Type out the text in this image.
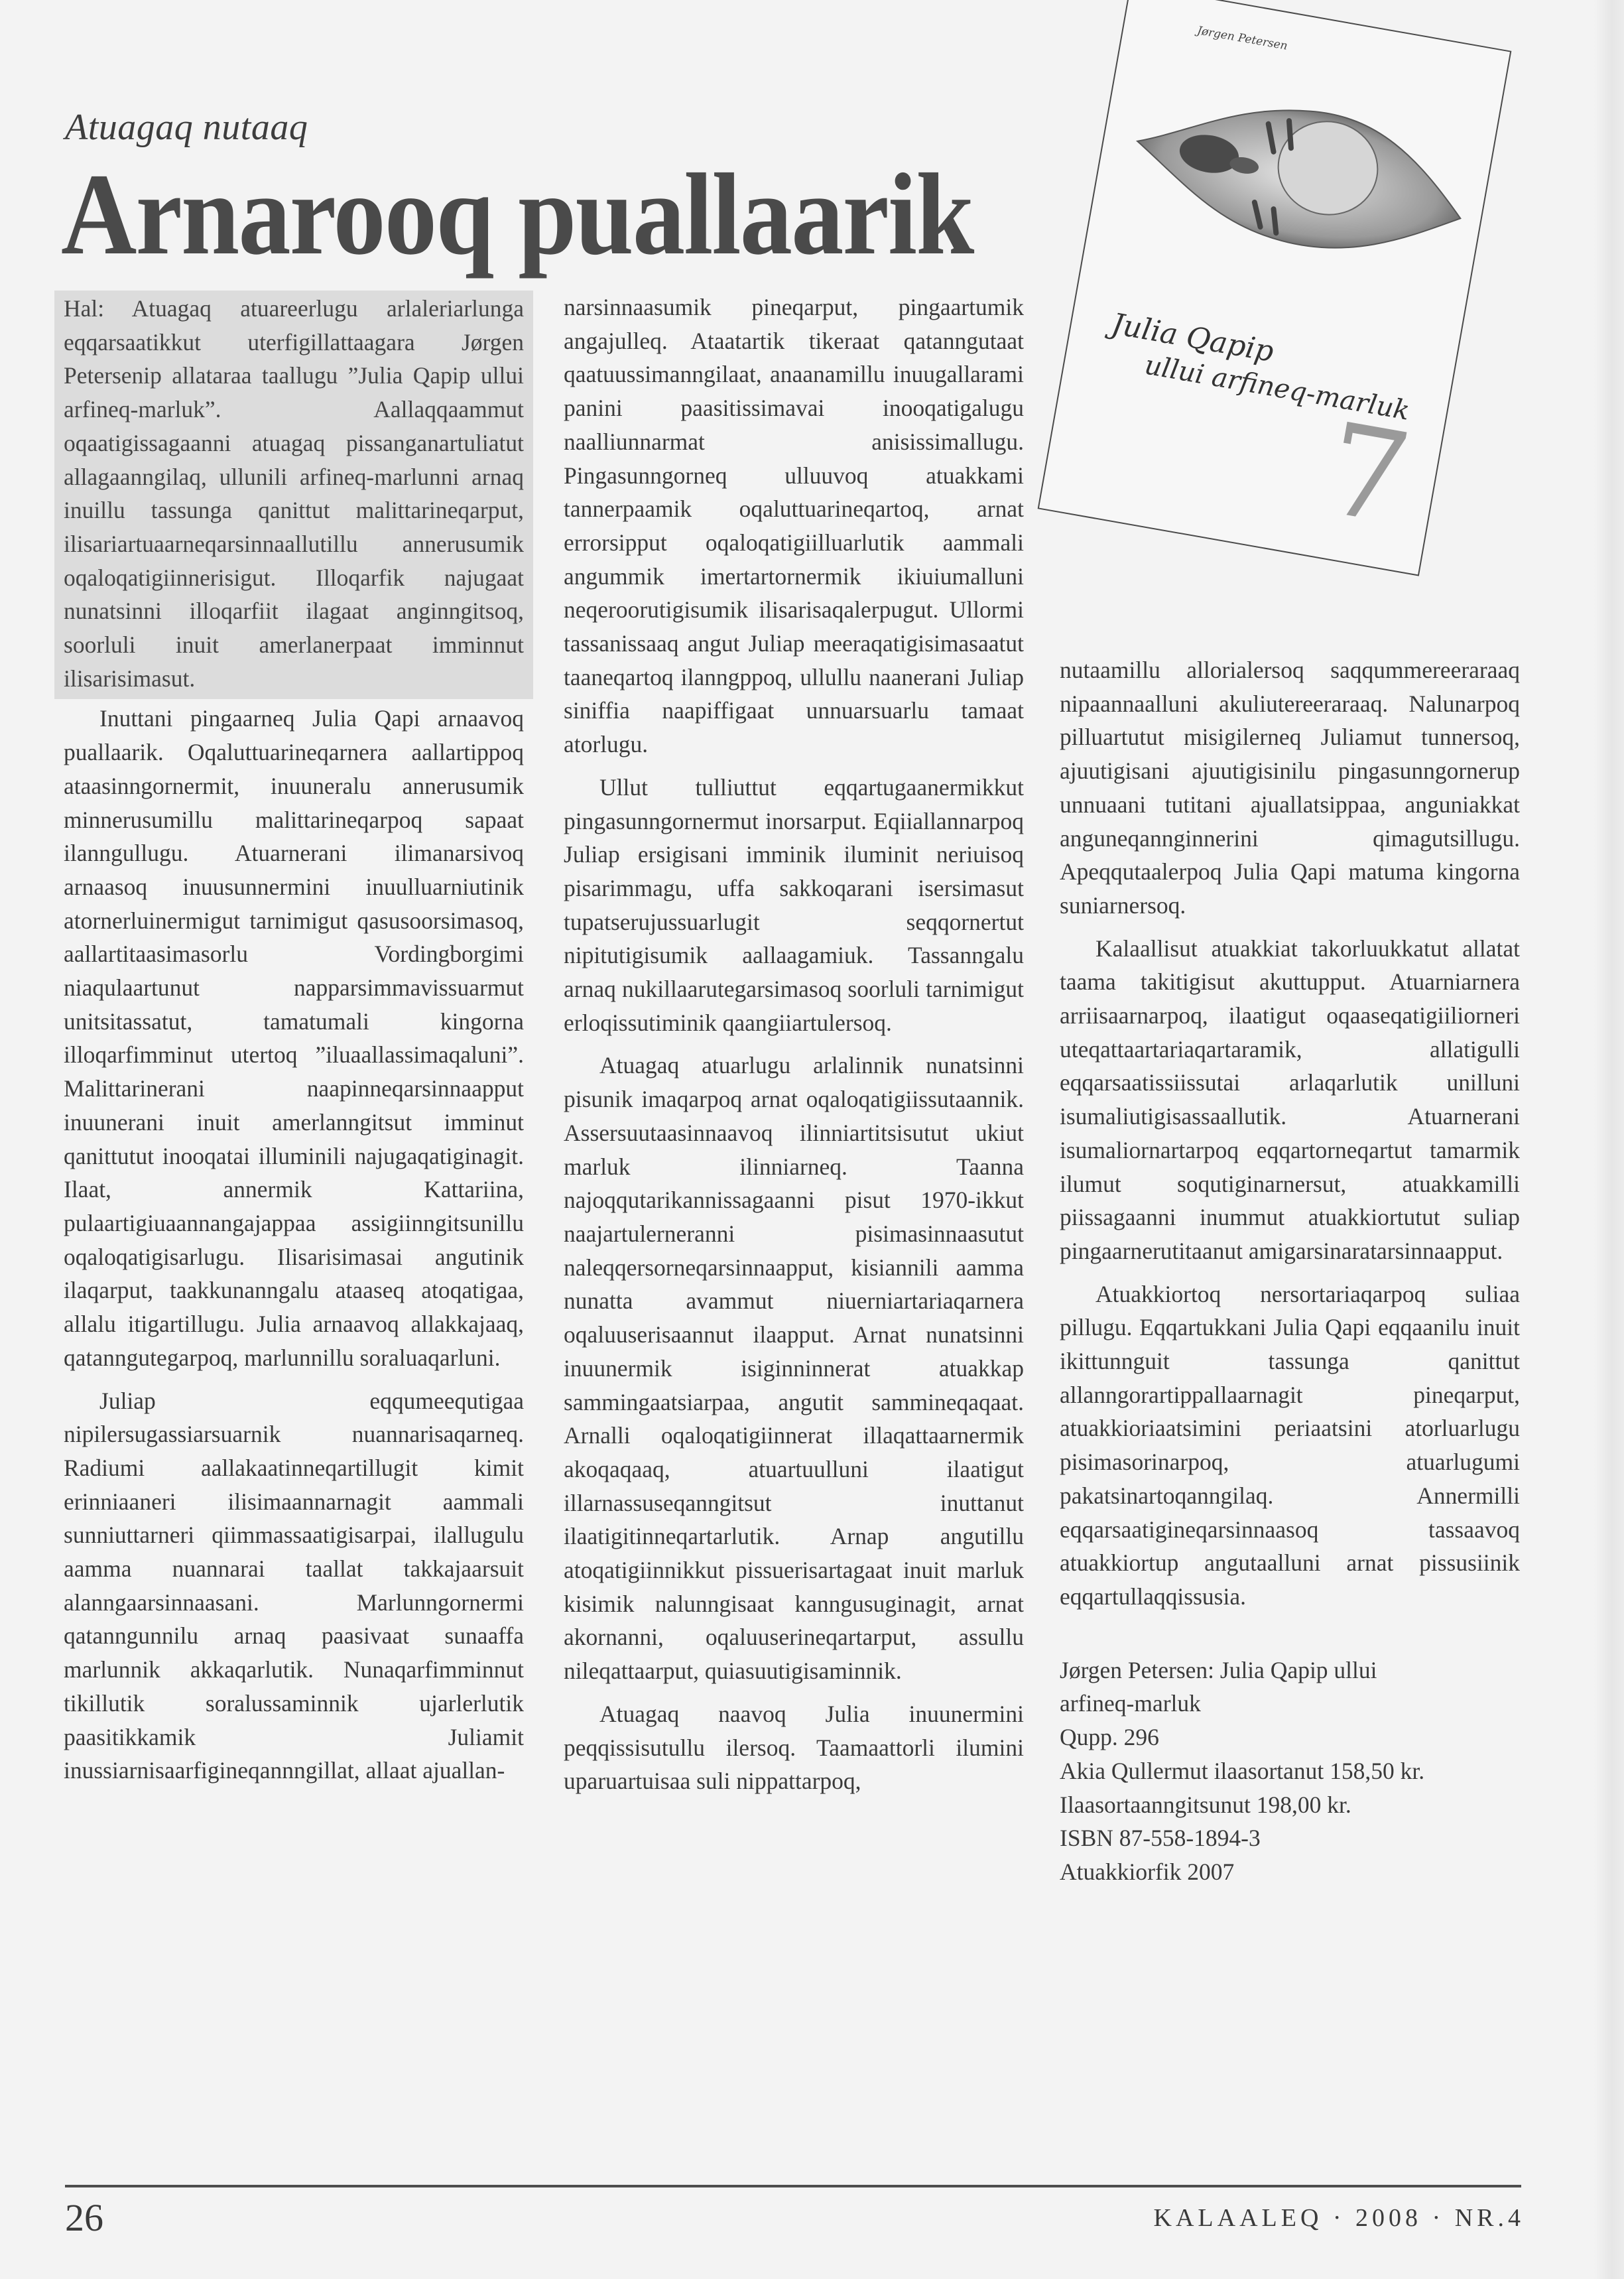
Atuagaq nutaaq
Arnarooq puallaarik
Jørgen Petersen
Julia Qapip
ullui arfineq-marluk
7

Hal: Atuagaq atuareerlugu arlaleriarlunga eqqarsaatikkut uterfigillattaagara Jørgen Petersenip allataraa taallugu ”Julia Qapip ullui arfineq-marluk”. Aallaqqaammut oqaatigissagaanni atuagaq pissanganartuliatut allagaanngilaq, ullunili arfineq-marlunni arnaq inuillu tassunga qanittut malittarineqarput, ilisariartuaarneqarsinnaallutillu annerusumik oqaloqatigiinnerisigut. Illoqarfik najugaat nunatsinni illoqarfiit ilagaat anginngitsoq, soorluli inuit amerlanerpaat imminnut ilisarisimasut.

Inuttani pingaarneq Julia Qapi arnaavoq puallaarik. Oqaluttuarineqarnera aallartippoq ataasinngornermit, inuuneralu annerusumik minnerusumillu malittarineqarpoq sapaat ilanngullugu. Atuarnerani ilimanarsivoq arnaasoq inuusunnermini inuulluarniutinik atornerluinermigut tarnimigut qasusoorsimasoq, aallartitaasimasorlu Vordingborgimi niaqulaartunut napparsimmavissuarmut unitsitassatut, tamatumali kingorna illoqarfimminut utertoq ”iluaallassimaqaluni”. Malittarinerani naapinneqarsinnaapput inuunerani inuit amerlanngitsut imminut qanittutut inooqatai illuminili najugaqatiginagit. Ilaat, annermik Kattariina, pulaartigiuaannangajappaa assigiinngitsunillu oqaloqatigisarlugu. Ilisarisimasai angutinik ilaqarput, taakkunanngalu ataaseq atoqatigaa, allalu itigartillugu. Julia arnaavoq allakkajaaq, qatanngutegarpoq, marlunnillu soraluaqarluni.

Juliap eqqumeequtigaa nipilersugassiarsuarnik nuannarisaqarneq. Radiumi aallakaatinneqartillugit kimit erinniaaneri ilisimaannarnagit aammali sunniuttarneri qiimmassaatigisarpai, ilallugulu aamma nuannarai taallat takkajaarsuit alanngaarsinnaasani. Marlunngornermi qatanngunnilu arnaq paasivaat sunaaffa marlunnik akkaqarlutik. Nunaqarfimminnut tikillutik soralussaminnik ujarlerlutik paasitikkamik Juliamit inussiarnisaarfigineqannngillat, allaat ajuallan-

narsinnaasumik pineqarput, pingaartumik angajulleq. Ataatartik tikeraat qatanngutaat qaatuussimanngilaat, anaanamillu inuugallarami panini paasitissimavai inooqatigalugu naalliunnarmat anisissimallugu. Pingasunngorneq ulluuvoq atuakkami tannerpaamik oqaluttuarineqartoq, arnat errorsipput oqaloqatigiilluarlutik aammali angummik imertartornermik ikiuiumalluni neqeroorutigisumik ilisarisaqalerpugut. Ullormi tassanissaaq angut Juliap meeraqatigisimasaatut taaneqartoq ilanngppoq, ullullu naanerani Juliap siniffia naapiffigaat unnuarsuarlu tamaat atorlugu.

Ullut tulliuttut eqqartugaanermikkut pingasunngornermut inorsarput. Eqiiallannarpoq Juliap ersigisani imminik iluminit neriuisoq pisarimmagu, uffa sakkoqarani isersimasut tupatserujussuarlugit seqqornertut nipitutigisumik aallaagamiuk. Tassanngalu arnaq nukillaarutegarsimasoq soorluli tarnimigut erloqissutiminik qaangiiartulersoq.

Atuagaq atuarlugu arlalinnik nunatsinni pisunik imaqarpoq arnat oqaloqatigiissutaannik. Assersuutaasinnaavoq ilinniartitsisutut ukiut marluk ilinniarneq. Taanna najoqqutarikannissagaanni pisut 1970-ikkut naajartulerneranni pisimasinnaasutut naleqqersorneqarsinnaapput, kisiannili aamma nunatta avammut niuerniartariaqarnera oqaluuserisaannut ilaapput. Arnat nunatsinni inuunermik isiginninnerat atuakkap sammingaatsiarpaa, angutit sammineqaqaat. Arnalli oqaloqatigiinnerat illaqattaarnermik akoqaqaaq, atuartuulluni ilaatigut illarnassuseqanngitsut inuttanut ilaatigitinneqartarlutik. Arnap angutillu atoqatigiinnikkut pissuerisartagaat inuit marluk kisimik nalunngisaat kanngusuginagit, arnat akornanni, oqaluuserineqartarput, assullu nileqattaarput, quiasuutigisaminnik.

Atuagaq naavoq Julia inuunermini peqqissisutullu ilersoq. Taamaattorli ilumini uparuartuisaa suli nippattarpoq,

nutaamillu allorialersoq saqqummereeraraaq nipaannaalluni akuliutereeraraaq. Nalunarpoq pilluartutut misigilerneq Juliamut tunnersoq, ajuutigisani ajuutigisinilu pingasunngornerup unnuaani tutitani ajuallatsippaa, anguniakkat anguneqannginnerini qimagutsillugu. Apeqqutaalerpoq Julia Qapi matuma kingorna suniarnersoq.

Kalaallisut atuakkiat takorluukkatut allatat taama takitigisut akuttupput. Atuarniarnera arriisaarnarpoq, ilaatigut oqaaseqatigiiliorneri uteqattaartariaqartaramik, allatigulli eqqarsaatissiissutai arlaqarlutik unilluni isumaliutigisassaallutik. Atuarnerani isumaliornartarpoq eqqartorneqartut tamarmik ilumut soqutiginarnersut, atuakkamilli piissagaanni inummut atuakkiortutut suliap pingaarnerutitaanut amigarsinaratarsinnaapput.

Atuakkiortoq nersortariaqarpoq suliaa pillugu. Eqqartukkani Julia Qapi eqqaanilu inuit ikittunnguit tassunga qanittut allanngorartippallaarnagit pineqarput, atuakkioriaatsimini periaatsini atorluarlugu pisimasorinarpoq, atuarlugumi pakatsinartoqanngilaq. Annermilli eqqarsaatigineqarsinnaasoq tassaavoq atuakkiortup angutaalluni arnat pissusiinik eqqartullaqqissusia.

Jørgen Petersen: Julia Qapip ullui
arfineq-marluk
Qupp. 296
Akia Qullermut ilaasortanut 158,50 kr.
Ilaasortaanngitsunut 198,00 kr.
ISBN 87-558-1894-3
Atuakkiorfik 2007
26	KALAALEQ · 2008 · NR.4
